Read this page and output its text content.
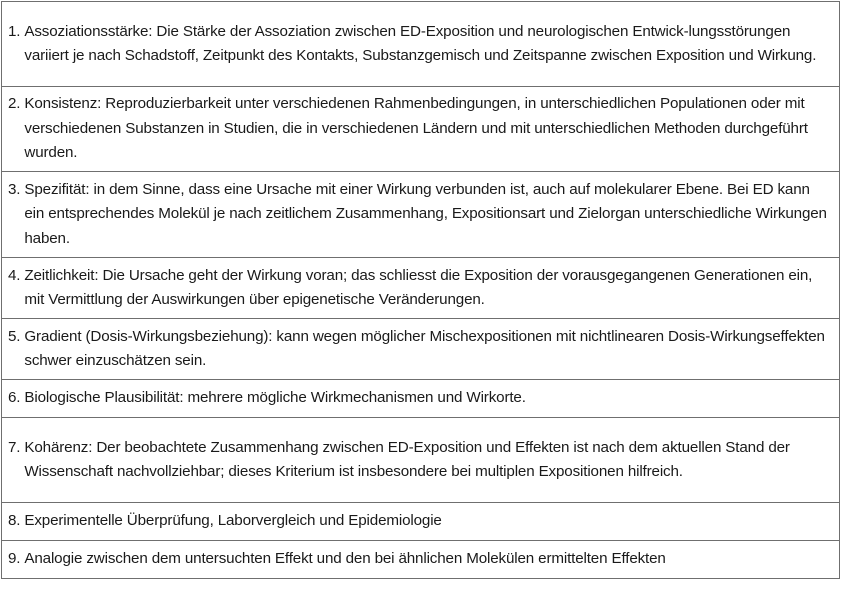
1. Assoziationsstärke: Die Stärke der Assoziation zwischen ED-Exposition und neurologischen Entwick-lungsstörungen variiert je nach Schadstoff, Zeitpunkt des Kontakts, Substanzgemisch und Zeitspanne zwischen Exposition und Wirkung.

2. Konsistenz: Reproduzierbarkeit unter verschiedenen Rahmenbedingungen, in unterschiedlichen Populationen oder mit verschiedenen Substanzen in Studien, die in verschiedenen Ländern und mit unterschiedlichen Methoden durchgeführt wurden.

3. Spezifität: in dem Sinne, dass eine Ursache mit einer Wirkung verbunden ist, auch auf molekularer Ebene. Bei ED kann ein entsprechendes Molekül je nach zeitlichem Zusammenhang, Expositionsart und Zielorgan unterschiedliche Wirkungen haben.

4. Zeitlichkeit: Die Ursache geht der Wirkung voran; das schliesst die Exposition der vorausgegangenen Generationen ein, mit Vermittlung der Auswirkungen über epigenetische Veränderungen.

5. Gradient (Dosis-Wirkungsbeziehung): kann wegen möglicher Mischexpositionen mit nichtlinearen Dosis-Wirkungseffekten schwer einzuschätzen sein.

6. Biologische Plausibilität: mehrere mögliche Wirkmechanismen und Wirkorte.

7. Kohärenz: Der beobachtete Zusammenhang zwischen ED-Exposition und Effekten ist nach dem aktuellen Stand der Wissenschaft nachvollziehbar; dieses Kriterium ist insbesondere bei multiplen Expositionen hilfreich.

8. Experimentelle Überprüfung, Laborvergleich und Epidemiologie

9. Analogie zwischen dem untersuchten Effekt und den bei ähnlichen Molekülen ermittelten Effekten
